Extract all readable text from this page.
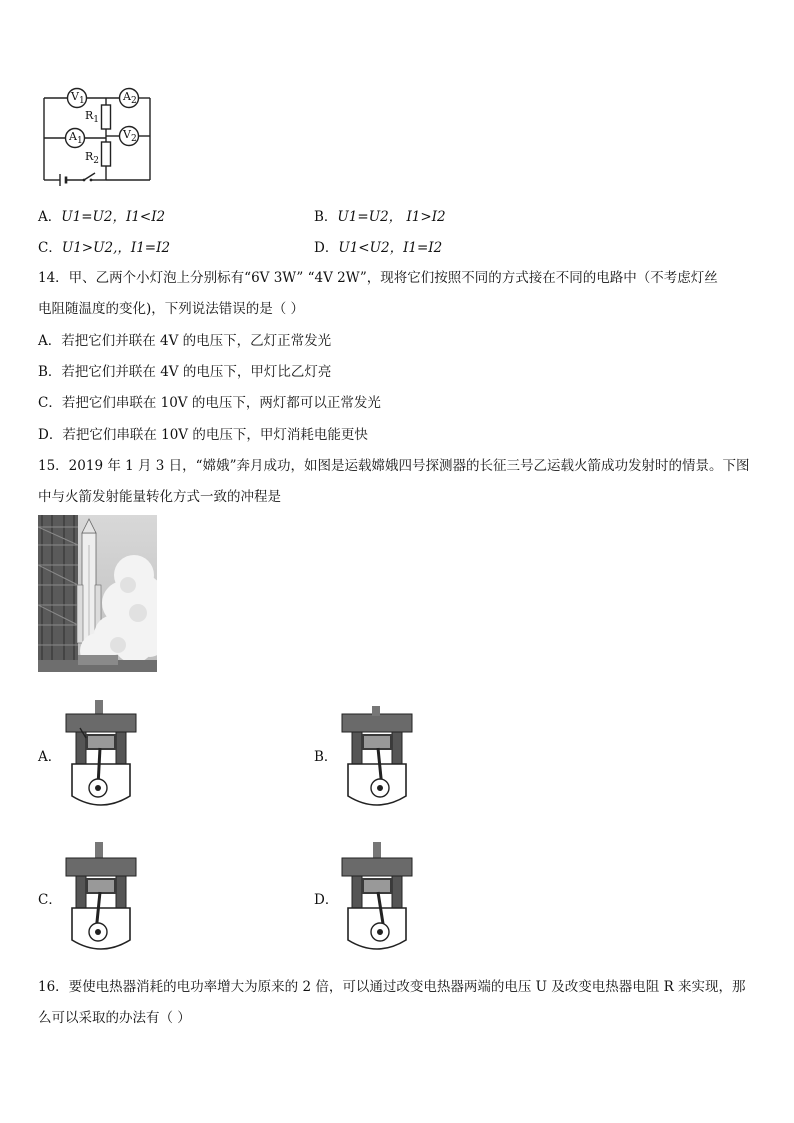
$V_1$	$A_2$
$A_1$	$V_2$
$R_1$
$R_2$
A．U1=U2，I1<I2	B．U1=U2， I1>I2
C．U1>U2,，I1=I2	D．U1<U2，I1=I2
14．甲、乙两个小灯泡上分别标有“6V 3W” “4V 2W”，现将它们按照不同的方式接在不同的电路中（不考虑灯丝
电阻随温度的变化)，下列说法错误的是（ ）
A．若把它们并联在 4V 的电压下，乙灯正常发光
B．若把它们并联在 4V 的电压下，甲灯比乙灯亮
C．若把它们串联在 10V 的电压下，两灯都可以正常发光
D．若把它们串联在 10V 的电压下，甲灯消耗电能更快
15．2019 年 1 月 3 日，“嫦娥”奔月成功，如图是运载嫦娥四号探测器的长征三号乙运载火箭成功发射时的情景。下图
中与火箭发射能量转化方式一致的冲程是
A．	B．
C．	D．
16．要使电热器消耗的电功率增大为原来的 2 倍，可以通过改变电热器两端的电压 U 及改变电热器电阻 R 来实现，那
么可以采取的办法有（ ）
